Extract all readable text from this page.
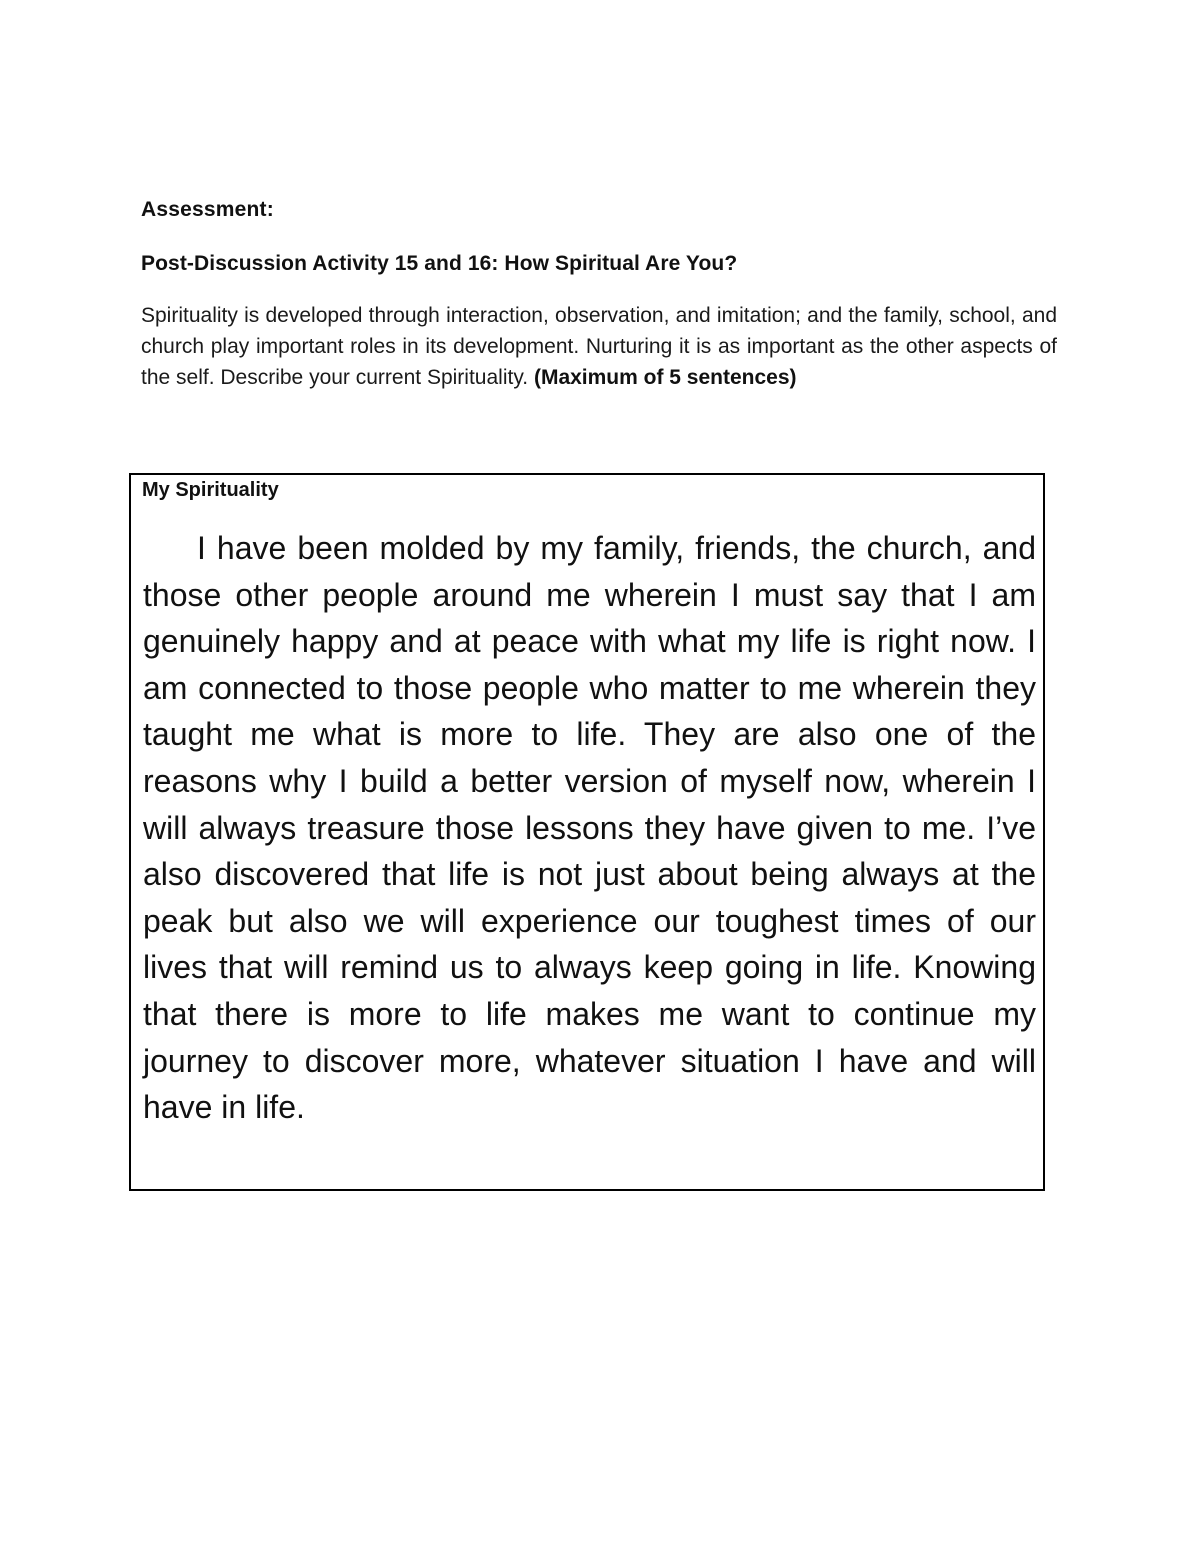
Assessment:

Post-Discussion Activity 15 and 16: How Spiritual Are You?

Spirituality is developed through interaction, observation, and imitation; and the family, school, and church play important roles in its development. Nurturing it is as important as the other aspects of the self. Describe your current Spirituality. (Maximum of 5 sentences)

My Spirituality

I have been molded by my family, friends, the church, and those other people around me wherein I must say that I am genuinely happy and at peace with what my life is right now. I am connected to those people who matter to me wherein they taught me what is more to life. They are also one of the reasons why I build a better version of myself now, wherein I will always treasure those lessons they have given to me. I’ve also discovered that life is not just about being always at the peak but also we will experience our toughest times of our lives that will remind us to always keep going in life. Knowing that there is more to life makes me want to continue my journey to discover more, whatever situation I have and will have in life.
